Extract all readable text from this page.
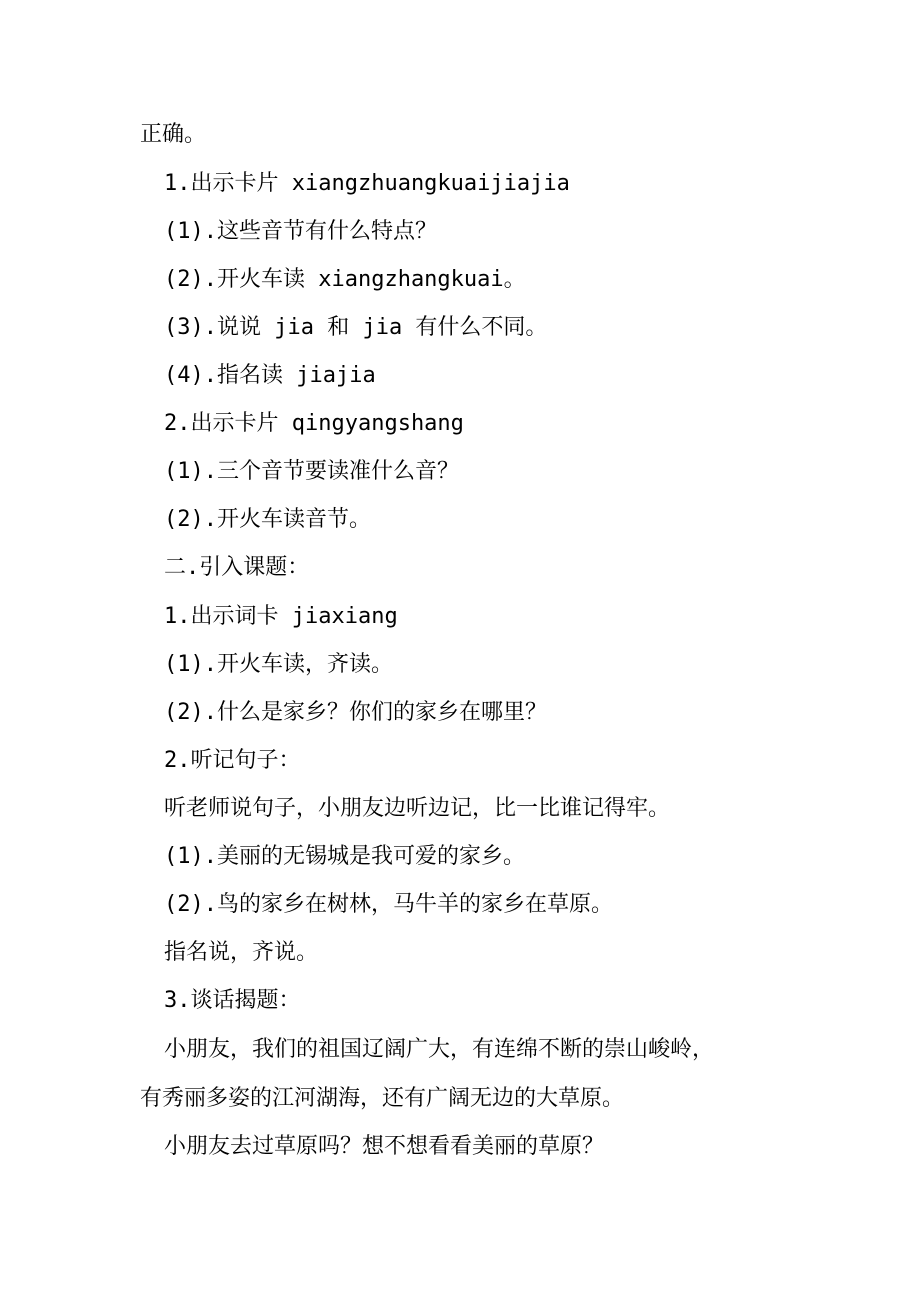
正确。
1.出示卡片 xiangzhuangkuaijiajia
(1).这些音节有什么特点？
(2).开火车读 xiangzhangkuai。
(3).说说 jia 和 jia 有什么不同。
(4).指名读 jiajia
2.出示卡片 qingyangshang
(1).三个音节要读准什么音？
(2).开火车读音节。
二.引入课题：
1.出示词卡 jiaxiang
(1).开火车读，齐读。
(2).什么是家乡？你们的家乡在哪里？
2.听记句子：
听老师说句子，小朋友边听边记，比一比谁记得牢。
(1).美丽的无锡城是我可爱的家乡。
(2).鸟的家乡在树林，马牛羊的家乡在草原。
指名说，齐说。
3.谈话揭题：
小朋友，我们的祖国辽阔广大，有连绵不断的崇山峻岭，
有秀丽多姿的江河湖海，还有广阔无边的大草原。
小朋友去过草原吗？想不想看看美丽的草原？
